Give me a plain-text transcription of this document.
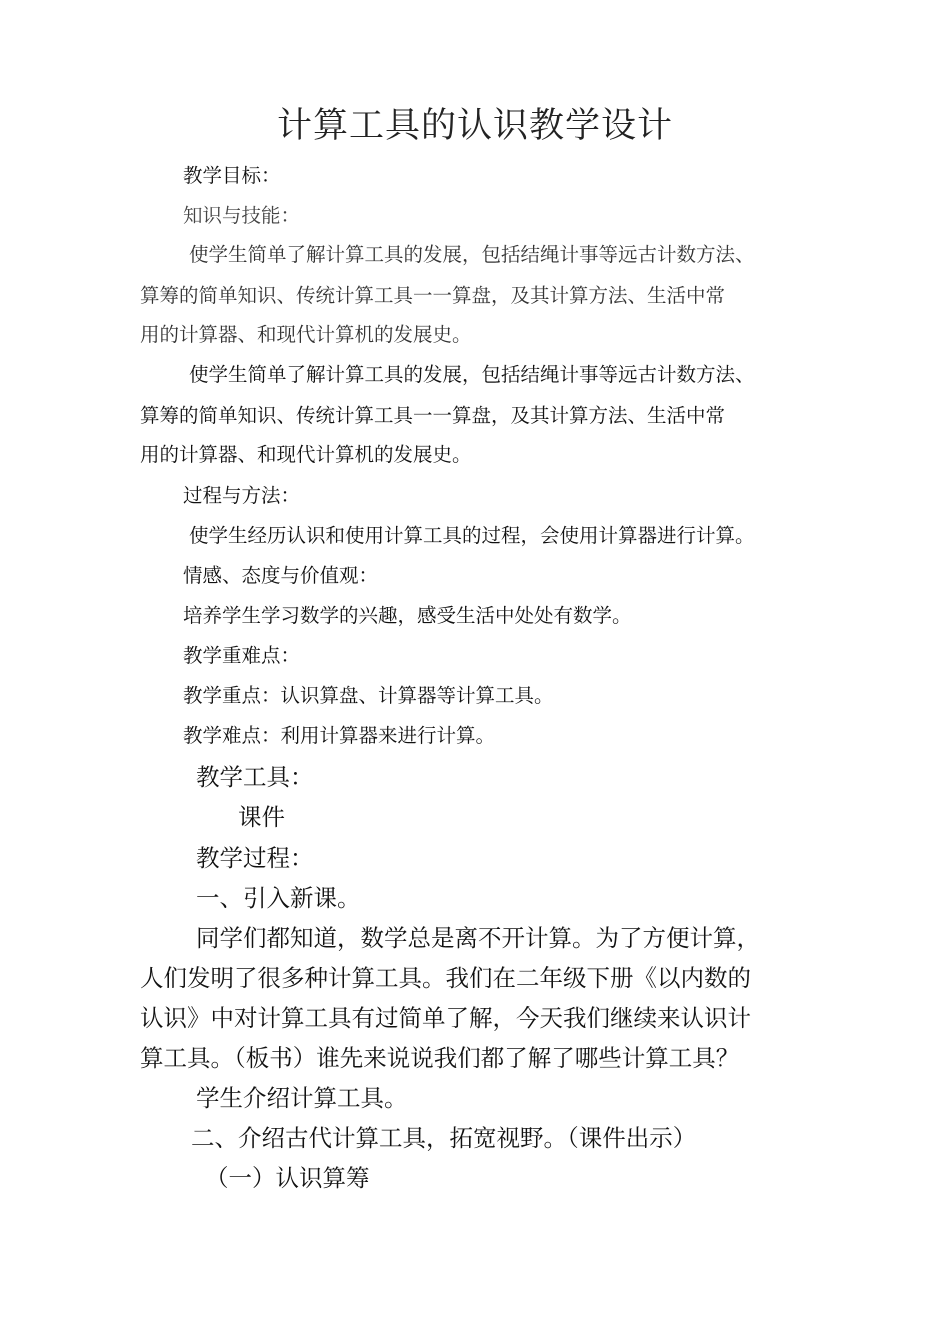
计算工具的认识教学设计
教学目标：
知识与技能：
使学生简单了解计算工具的发展，包括结绳计事等远古计数方法、
算筹的简单知识、传统计算工具一一算盘，及其计算方法、生活中常
用的计算器、和现代计算机的发展史。
使学生简单了解计算工具的发展，包括结绳计事等远古计数方法、
算筹的简单知识、传统计算工具一一算盘，及其计算方法、生活中常
用的计算器、和现代计算机的发展史。
过程与方法：
使学生经历认识和使用计算工具的过程，会使用计算器进行计算。
情感、态度与价值观：
培养学生学习数学的兴趣，感受生活中处处有数学。
教学重难点：
教学重点：认识算盘、计算器等计算工具。
教学难点：利用计算器来进行计算。
教学工具：
课件
教学过程：
一、引入新课。
同学们都知道，数学总是离不开计算。为了方便计算，
人们发明了很多种计算工具。我们在二年级下册《以内数的
认识》中对计算工具有过简单了解，今天我们继续来认识计
算工具。（板书）谁先来说说我们都了解了哪些计算工具？
学生介绍计算工具。
二、介绍古代计算工具，拓宽视野。（课件出示）
（一）认识算筹
